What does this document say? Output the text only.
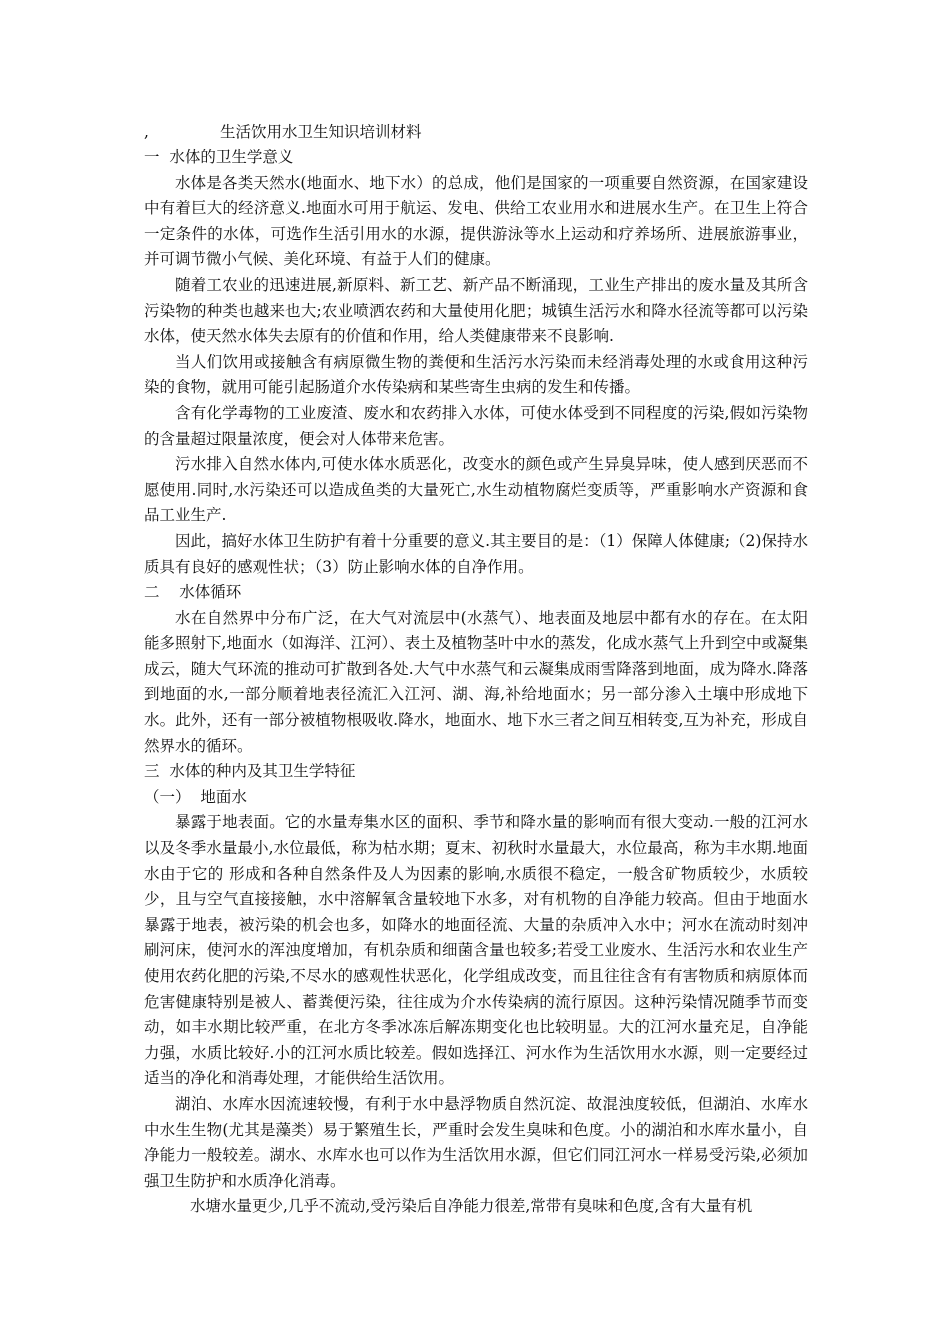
,

	生活饮用水卫生知识培训材料

一  水体的卫生学意义

水体是各类天然水(地面水、地下水）的总成，他们是国家的一项重要自然资源，在国家建设中有着巨大的经济意义.地面水可用于航运、发电、供给工农业用水和进展水生产。在卫生上符合一定条件的水体，可选作生活引用水的水源，提供游泳等水上运动和疗养场所、进展旅游事业，并可调节微小气候、美化环境、有益于人们的健康。

随着工农业的迅速进展,新原料、新工艺、新产品不断涌现，工业生产排出的废水量及其所含污染物的种类也越来也大;农业喷洒农药和大量使用化肥；城镇生活污水和降水径流等都可以污染水体，使天然水体失去原有的价值和作用，给人类健康带来不良影响.

当人们饮用或接触含有病原微生物的粪便和生活污水污染而未经消毒处理的水或食用这种污染的食物，就用可能引起肠道介水传染病和某些寄生虫病的发生和传播。

含有化学毒物的工业废渣、废水和农药排入水体，可使水体受到不同程度的污染,假如污染物的含量超过限量浓度，便会对人体带来危害。

污水排入自然水体内,可使水体水质恶化，改变水的颜色或产生异臭异味，使人感到厌恶而不愿使用.同时,水污染还可以造成鱼类的大量死亡,水生动植物腐烂变质等，严重影响水产资源和食品工业生产.

因此，搞好水体卫生防护有着十分重要的意义.其主要目的是：（1）保障人体健康;（2)保持水质具有良好的感观性状；（3）防止影响水体的自净作用。

二    水体循环

水在自然界中分布广泛，在大气对流层中(水蒸气）、地表面及地层中都有水的存在。在太阳能多照射下,地面水（如海洋、江河）、表土及植物茎叶中水的蒸发，化成水蒸气上升到空中或凝集成云，随大气环流的推动可扩散到各处.大气中水蒸气和云凝集成雨雪降落到地面，成为降水.降落到地面的水,一部分顺着地表径流汇入江河、湖、海,补给地面水；另一部分渗入土壤中形成地下水。此外，还有一部分被植物根吸收.降水，地面水、地下水三者之间互相转变,互为补充，形成自然界水的循环。

三  水体的种内及其卫生学特征
（一）  地面水

暴露于地表面。它的水量寿集水区的面积、季节和降水量的影响而有很大变动.一般的江河水以及冬季水量最小,水位最低，称为枯水期；夏末、初秋时水量最大，水位最高，称为丰水期.地面水由于它的 形成和各种自然条件及人为因素的影响,水质很不稳定，一般含矿物质较少，水质较少，且与空气直接接触，水中溶解氧含量较地下水多，对有机物的自净能力较高。但由于地面水暴露于地表，被污染的机会也多，如降水的地面径流、大量的杂质冲入水中；河水在流动时刻冲刷河床，使河水的浑浊度增加，有机杂质和细菌含量也较多;若受工业废水、生活污水和农业生产使用农药化肥的污染,不尽水的感观性状恶化，化学组成改变，而且往往含有有害物质和病原体而危害健康特别是被人、蓄粪便污染，往往成为介水传染病的流行原因。这种污染情况随季节而变动，如丰水期比较严重，在北方冬季冰冻后解冻期变化也比较明显。大的江河水量充足，自净能力强，水质比较好.小的江河水质比较差。假如选择江、河水作为生活饮用水水源，则一定要经过适当的净化和消毒处理，才能供给生活饮用。

湖泊、水库水因流速较慢，有利于水中悬浮物质自然沉淀、故混浊度较低，但湖泊、水库水中水生生物(尤其是藻类）易于繁殖生长，严重时会发生臭味和色度。小的湖泊和水库水量小，自净能力一般较差。湖水、水库水也可以作为生活饮用水源，但它们同江河水一样易受污染,必须加强卫生防护和水质净化消毒。

水塘水量更少,几乎不流动,受污染后自净能力很差,常带有臭味和色度,含有大量有机
